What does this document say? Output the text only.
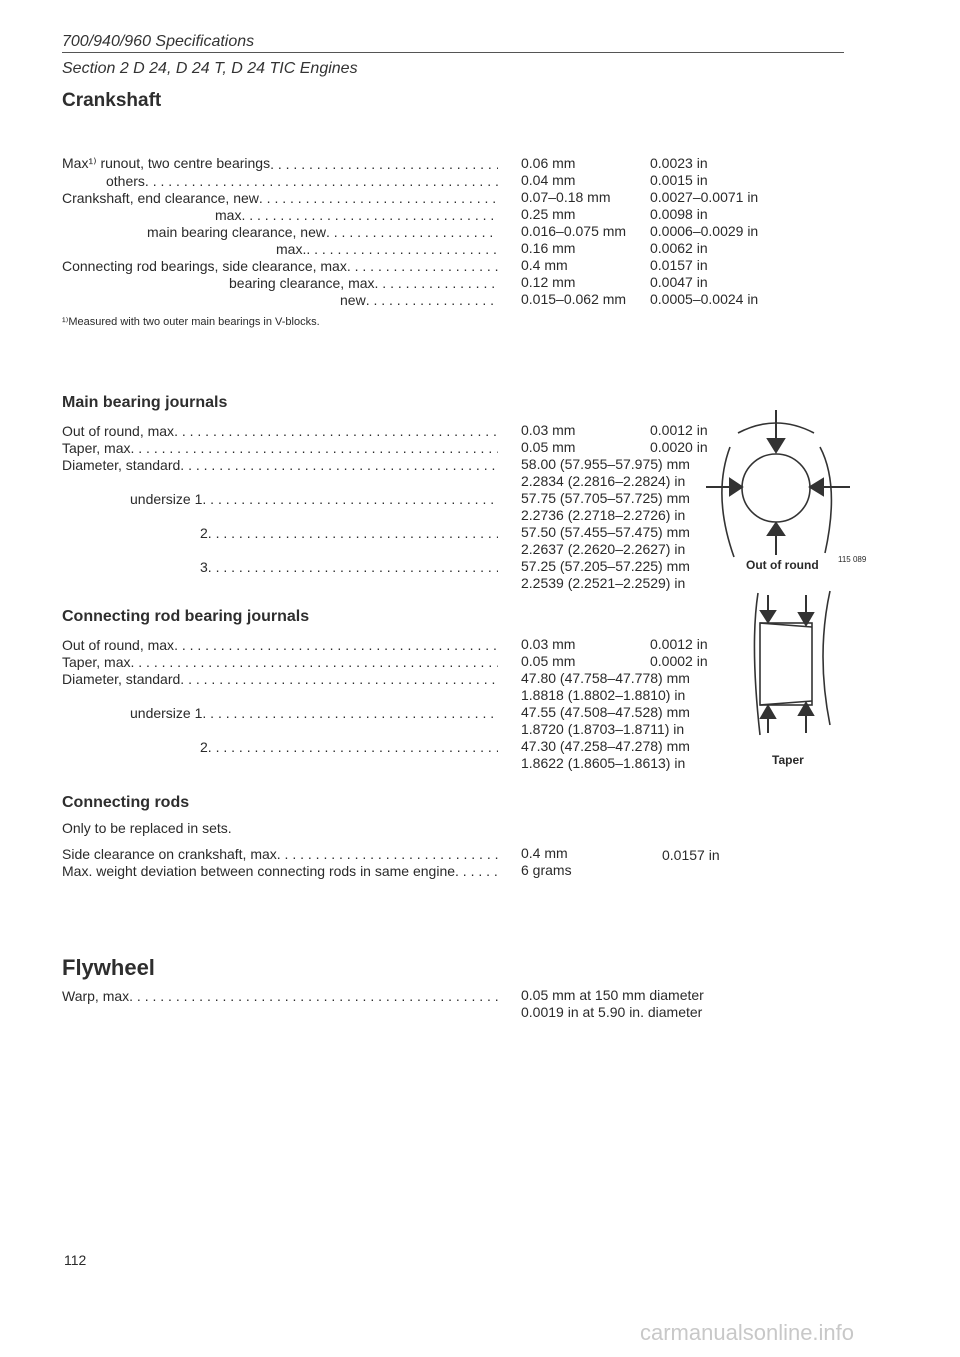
700/940/960 Specifications
Section 2 D 24, D 24 T, D 24 TIC Engines
Crankshaft
Max¹⁾ runout, two centre bearings
. . .
others
. . .
Crankshaft, end clearance, new
. . .
max
. . .
main bearing clearance, new
. . .
max.
. . .
Connecting rod bearings, side clearance, max
. . .
bearing clearance, max
. . .
new
. . .
0.06 mm	0.0023 in
0.04 mm	0.0015 in
0.07–0.18 mm	0.0027–0.0071 in
0.25 mm	0.0098 in
0.016–0.075 mm 0.0006–0.0029 in
0.16 mm	0.0062 in
0.4 mm	0.0157 in
0.12 mm	0.0047 in
0.015–0.062 mm 0.0005–0.0024 in
¹⁾Measured with two outer main bearings in V-blocks.
Main bearing journals
Out of round, max
. . .
Taper, max
. . .
Diameter, standard
. . .
undersize 1
. . .
2
. . .
3
. . .
0.03 mm	0.0012 in
0.05 mm	0.0020 in
58.00 (57.955–57.975) mm
2.2834 (2.2816–2.2824) in
57.75 (57.705–57.725) mm
2.2736 (2.2718–2.2726) in
57.50 (57.455–57.475) mm
2.2637 (2.2620–2.2627) in
57.25 (57.205–57.225) mm
2.2539 (2.2521–2.2529) in
Out of round 115 089
Connecting rod bearing journals
Out of round, max
. . .
Taper, max
. . .
Diameter, standard
. . .
undersize 1
. . .
2
. . .
0.03 mm	0.0012 in
0.05 mm	0.0002 in
47.80 (47.758–47.778) mm
1.8818 (1.8802–1.8810) in
47.55 (47.508–47.528) mm
1.8720 (1.8703–1.8711) in
47.30 (47.258–47.278) mm
1.8622 (1.8605–1.8613) in	Taper
Connecting rods
Only to be replaced in sets.
Side clearance on crankshaft, max
. . .
Max. weight deviation between connecting rods in same engine
. . .
0.4 mm	0.0157 in
6 grams
Flywheel
Warp, max
. . .	0.05 mm at 150 mm diameter
0.0019 in at 5.90 in. diameter
112
carmanualsonline.info
